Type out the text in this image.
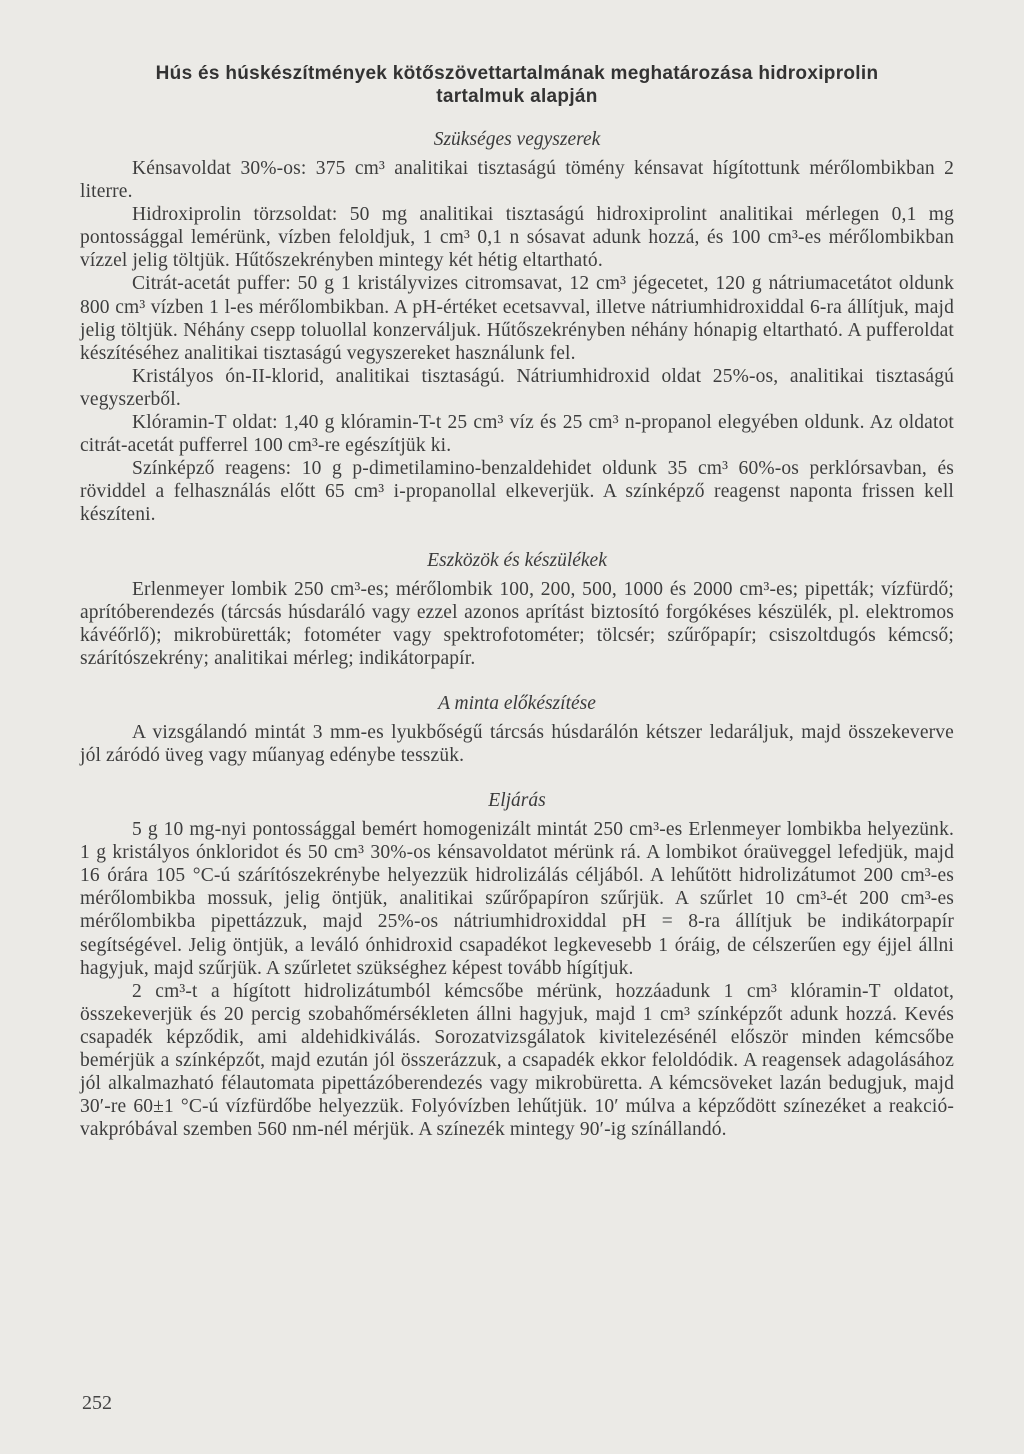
Hús és húskészítmények kötőszövettartalmának meghatározása hidroxiprolin
tartalmuk alapján
Szükséges vegyszerek

Kénsavoldat 30%-os: 375 cm³ analitikai tisztaságú tömény kénsavat hígítottunk mérőlombikban 2 literre.

Hidroxiprolin törzsoldat: 50 mg analitikai tisztaságú hidroxiprolint analitikai mérlegen 0,1 mg pontossággal lemérünk, vízben feloldjuk, 1 cm³ 0,1 n sósavat adunk hozzá, és 100 cm³-es mérőlombikban vízzel jelig töltjük. Hűtőszekrényben mintegy két hétig eltartható.

Citrát-acetát puffer: 50 g 1 kristályvizes citromsavat, 12 cm³ jégecetet, 120 g nátriumacetátot oldunk 800 cm³ vízben 1 l-es mérőlombikban. A pH-értéket ecetsavval, illetve nátriumhidroxiddal 6-ra állítjuk, majd jelig töltjük. Néhány csepp toluollal konzerváljuk. Hűtőszekrényben néhány hónapig eltartható. A pufferoldat készítéséhez analitikai tisztaságú vegyszereket használunk fel.

Kristályos ón-II-klorid, analitikai tisztaságú. Nátriumhidroxid oldat 25%-os, analitikai tisztaságú vegyszerből.

Klóramin-T oldat: 1,40 g klóramin-T-t 25 cm³ víz és 25 cm³ n-propanol elegyében oldunk. Az oldatot citrát-acetát pufferrel 100 cm³-re egészítjük ki.

Színképző reagens: 10 g p-dimetilamino-benzaldehidet oldunk 35 cm³ 60%-os perklórsavban, és röviddel a felhasználás előtt 65 cm³ i-propanollal elkeverjük. A színképző reagenst naponta frissen kell készíteni.

Eszközök és készülékek

Erlenmeyer lombik 250 cm³-es; mérőlombik 100, 200, 500, 1000 és 2000 cm³-es; pipetták; vízfürdő; aprítóberendezés (tárcsás húsdaráló vagy ezzel azonos aprítást biztosító forgókéses készülék, pl. elektromos kávéőrlő); mikrobüretták; fotométer vagy spektrofotométer; tölcsér; szűrőpapír; csiszoltdugós kémcső; szárítószekrény; analitikai mérleg; indikátorpapír.

A minta előkészítése

A vizsgálandó mintát 3 mm-es lyukbőségű tárcsás húsdarálón kétszer ledaráljuk, majd összekeverve jól záródó üveg vagy műanyag edénybe tesszük.

Eljárás

5 g 10 mg-nyi pontossággal bemért homogenizált mintát 250 cm³-es Erlenmeyer lombikba helyezünk. 1 g kristályos ónkloridot és 50 cm³ 30%-os kénsavoldatot mérünk rá. A lombikot óraüveggel lefedjük, majd 16 órára 105 °C-ú szárítószekrénybe helyezzük hidrolizálás céljából. A lehűtött hidrolizátumot 200 cm³-es mérőlombikba mossuk, jelig öntjük, analitikai szűrőpapíron szűrjük. A szűrlet 10 cm³-ét 200 cm³-es mérőlombikba pipettázzuk, majd 25%-os nátriumhidroxiddal pH = 8-ra állítjuk be indikátorpapír segítségével. Jelig öntjük, a leváló ónhidroxid csapadékot legkevesebb 1 óráig, de célszerűen egy éjjel állni hagyjuk, majd szűrjük. A szűrletet szükséghez képest tovább hígítjuk.

2 cm³-t a hígított hidrolizátumból kémcsőbe mérünk, hozzáadunk 1 cm³ klóramin-T oldatot, összekeverjük és 20 percig szobahőmérsékleten állni hagyjuk, majd 1 cm³ színképzőt adunk hozzá. Kevés csapadék képződik, ami aldehidkiválás. Sorozatvizsgálatok kivitelezésénél először minden kémcsőbe bemérjük a színképzőt, majd ezután jól összerázzuk, a csapadék ekkor feloldódik. A reagensek adagolásához jól alkalmazható félautomata pipettázóberendezés vagy mikrobüretta. A kémcsöveket lazán bedugjuk, majd 30′-re 60±1 °C-ú vízfürdőbe helyezzük. Folyóvízben lehűtjük. 10′ múlva a képződött színezéket a reakció-vakpróbával szemben 560 nm-nél mérjük. A színezék mintegy 90′-ig színállandó.

252
